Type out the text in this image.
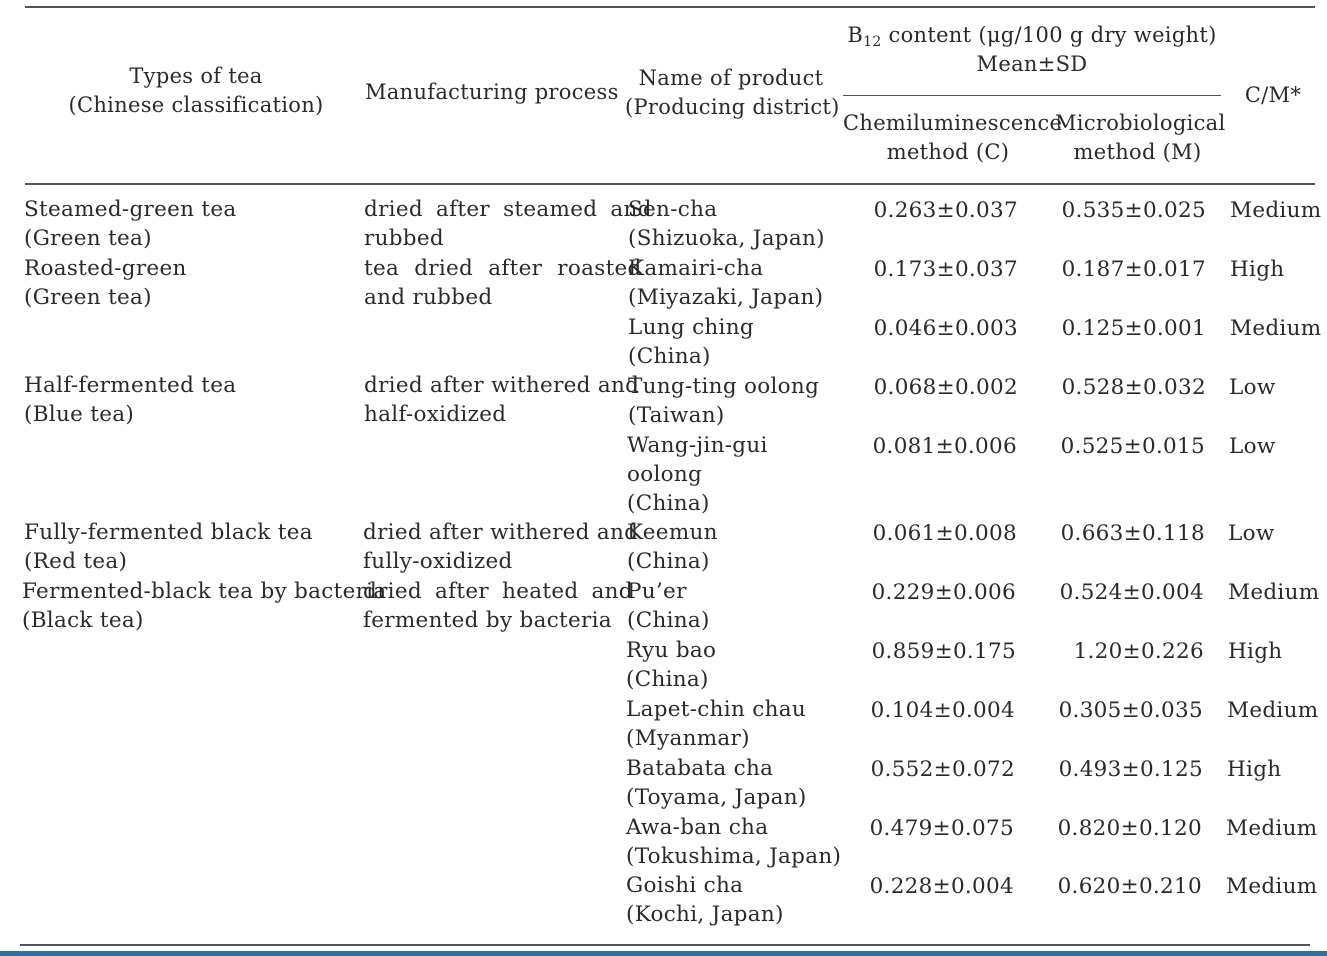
Types of tea
(Chinese classification)
Manufacturing process
Name of product
(Producing district)
B12 content (μg/100 g dry weight)
Mean±SD
Chemiluminescence
method (C)
Microbiological
method (M)
C/M*
Steamed-green tea
(Green tea)
Roasted-green
(Green tea)
Half-fermented tea
(Blue tea)
Fully-fermented black tea
(Red tea)
Fermented-black tea by bacteria
(Black tea)
dried after steamed and
rubbed
tea dried after roasted
and rubbed
dried after withered and
half-oxidized
dried after withered and
fully-oxidized
dried after heated and
fermented by bacteria
Sen-cha
(Shizuoka, Japan)
Kamairi-cha
(Miyazaki, Japan)
Lung ching
(China)
Tung-ting oolong
(Taiwan)
Wang-jin-gui
oolong
(China)
Keemun
(China)
Pu’er
(China)
Ryu bao
(China)
Lapet-chin chau
(Myanmar)
Batabata cha
(Toyama, Japan)
Awa-ban cha
(Tokushima, Japan)
Goishi cha
(Kochi, Japan)
0.263±0.037
0.173±0.037
0.046±0.003
0.068±0.002
0.081±0.006
0.061±0.008
0.229±0.006
0.859±0.175
0.104±0.004
0.552±0.072
0.479±0.075
0.228±0.004
0.535±0.025
0.187±0.017
0.125±0.001
0.528±0.032
0.525±0.015
0.663±0.118
0.524±0.004
1.20±0.226
0.305±0.035
0.493±0.125
0.820±0.120
0.620±0.210
Medium
High
Medium
Low
Low
Low
Medium
High
Medium
High
Medium
Medium
